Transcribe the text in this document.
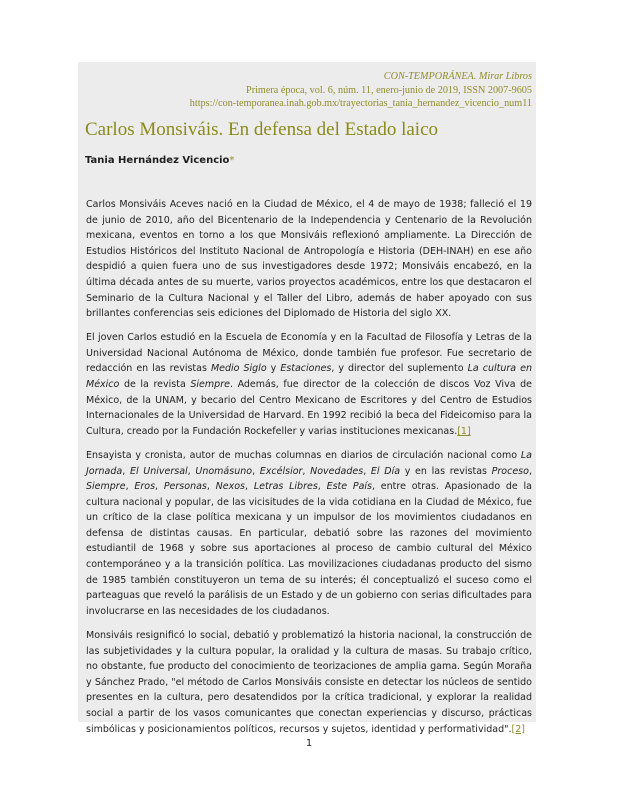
CON-TEMPORÁNEA. Mirar Libros
Primera época, vol. 6, núm. 11, enero-junio de 2019, ISSN 2007-9605
https://con-temporanea.inah.gob.mx/trayectorias_tania_hernandez_vicencio_num11
Carlos Monsiváis. En defensa del Estado laico
Tania Hernández Vicencio*

Carlos Monsiváis Aceves nació en la Ciudad de México, el 4 de mayo de 1938; falleció el 19 de junio de 2010, año del Bicentenario de la Independencia y Centenario de la Revolución mexicana, eventos en torno a los que Monsiváis reflexionó ampliamente. La Dirección de Estudios Históricos del Instituto Nacional de Antropología e Historia (DEH-INAH) en ese año despidió a quien fuera uno de sus investigadores desde 1972; Monsiváis encabezó, en la última década antes de su muerte, varios proyectos académicos, entre los que destacaron el Seminario de la Cultura Nacional y el Taller del Libro, además de haber apoyado con sus brillantes conferencias seis ediciones del Diplomado de Historia del siglo XX.

El joven Carlos estudió en la Escuela de Economía y en la Facultad de Filosofía y Letras de la Universidad Nacional Autónoma de México, donde también fue profesor. Fue secretario de redacción en las revistas Medio Siglo y Estaciones, y director del suplemento La cultura en México de la revista Siempre. Además, fue director de la colección de discos Voz Viva de México, de la UNAM, y becario del Centro Mexicano de Escritores y del Centro de Estudios Internacionales de la Universidad de Harvard. En 1992 recibió la beca del Fideicomiso para la Cultura, creado por la Fundación Rockefeller y varias instituciones mexicanas.[1]

Ensayista y cronista, autor de muchas columnas en diarios de circulación nacional como La Jornada, El Universal, Unomásuno, Excélsior, Novedades, El Día y en las revistas Proceso, Siempre, Eros, Personas, Nexos, Letras Libres, Este País, entre otras. Apasionado de la cultura nacional y popular, de las vicisitudes de la vida cotidiana en la Ciudad de México, fue un crítico de la clase política mexicana y un impulsor de los movimientos ciudadanos en defensa de distintas causas. En particular, debatió sobre las razones del movimiento estudiantil de 1968 y sobre sus aportaciones al proceso de cambio cultural del México contemporáneo y a la transición política. Las movilizaciones ciudadanas producto del sismo de 1985 también constituyeron un tema de su interés; él conceptualizó el suceso como el parteaguas que reveló la parálisis de un Estado y de un gobierno con serias dificultades para involucrarse en las necesidades de los ciudadanos.

Monsiváis resignificó lo social, debatió y problematizó la historia nacional, la construcción de las subjetividades y la cultura popular, la oralidad y la cultura de masas. Su trabajo crítico, no obstante, fue producto del conocimiento de teorizaciones de amplia gama. Según Moraña y Sánchez Prado, "el método de Carlos Monsiváis consiste en detectar los núcleos de sentido presentes en la cultura, pero desatendidos por la crítica tradicional, y explorar la realidad social a partir de los vasos comunicantes que conectan experiencias y discurso, prácticas simbólicas y posicionamientos políticos, recursos y sujetos, identidad y performatividad".[2]

1
